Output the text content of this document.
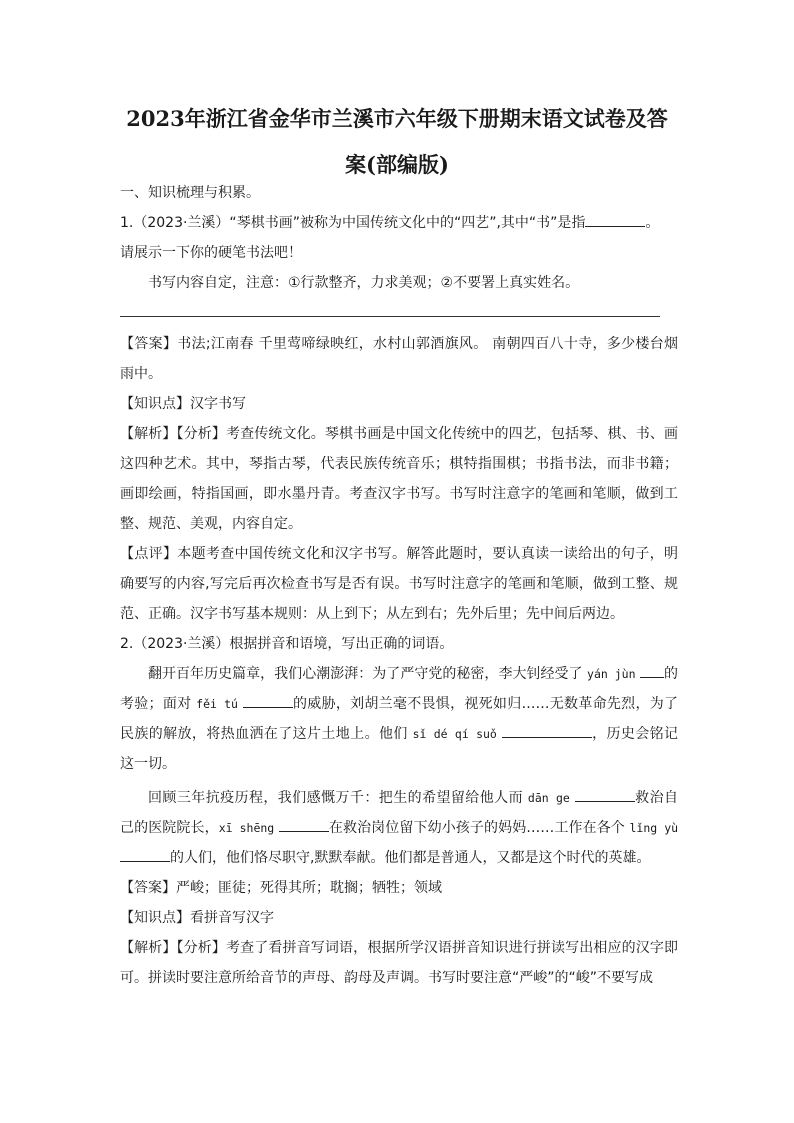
2023年浙江省金华市兰溪市六年级下册期末语文试卷及答
案(部编版)

一、知识梳理与积累。

1.（2023·兰溪）“琴棋书画”被称为中国传统文化中的“四艺”,其中“书”是指	。
请展示一下你的硬笔书法吧！

书写内容自定，注意：①行款整齐，力求美观；②不要署上真实姓名。

【答案】书法;江南春 千里莺啼绿映红，水村山郭酒旗风。 南朝四百八十寺，多少楼台烟雨中。

【知识点】汉字书写

【解析】【分析】考查传统文化。琴棋书画是中国文化传统中的四艺，包括琴、棋、书、画这四种艺术。其中，琴指古琴，代表民族传统音乐；棋特指围棋；书指书法，而非书籍；画即绘画，特指国画，即水墨丹青。考查汉字书写。书写时注意字的笔画和笔顺，做到工整、规范、美观，内容自定。

【点评】本题考查中国传统文化和汉字书写。解答此题时，要认真读一读给出的句子，明确要写的内容,写完后再次检查书写是否有误。书写时注意字的笔画和笔顺，做到工整、规范、正确。汉字书写基本规则：从上到下；从左到右；先外后里；先中间后两边。

2.（2023·兰溪）根据拼音和语境，写出正确的词语。

翻开百年历史篇章，我们心潮澎湃：为了严守党的秘密，李大钊经受了 yán jùn 的考验；面对 fěi tú	的威胁，刘胡兰毫不畏惧，视死如归……无数革命先烈，为了民族的解放，将热血洒在了这片土地上。他们 sǐ dé qí suǒ	，历史会铭记这一切。

回顾三年抗疫历程，我们感慨万千：把生的希望留给他人而 dān ge	救治自己的医院院长，xī shēng	在救治岗位留下幼小孩子的妈妈……工作在各个 lǐng yù 的人们，他们恪尽职守,默默奉献。他们都是普通人，又都是这个时代的英雄。

【答案】严峻；匪徒；死得其所；耽搁；牺牲；领域

【知识点】看拼音写汉字

【解析】【分析】考查了看拼音写词语，根据所学汉语拼音知识进行拼读写出相应的汉字即可。拼读时要注意所给音节的声母、韵母及声调。书写时要注意“严峻”的“峻”不要写成
